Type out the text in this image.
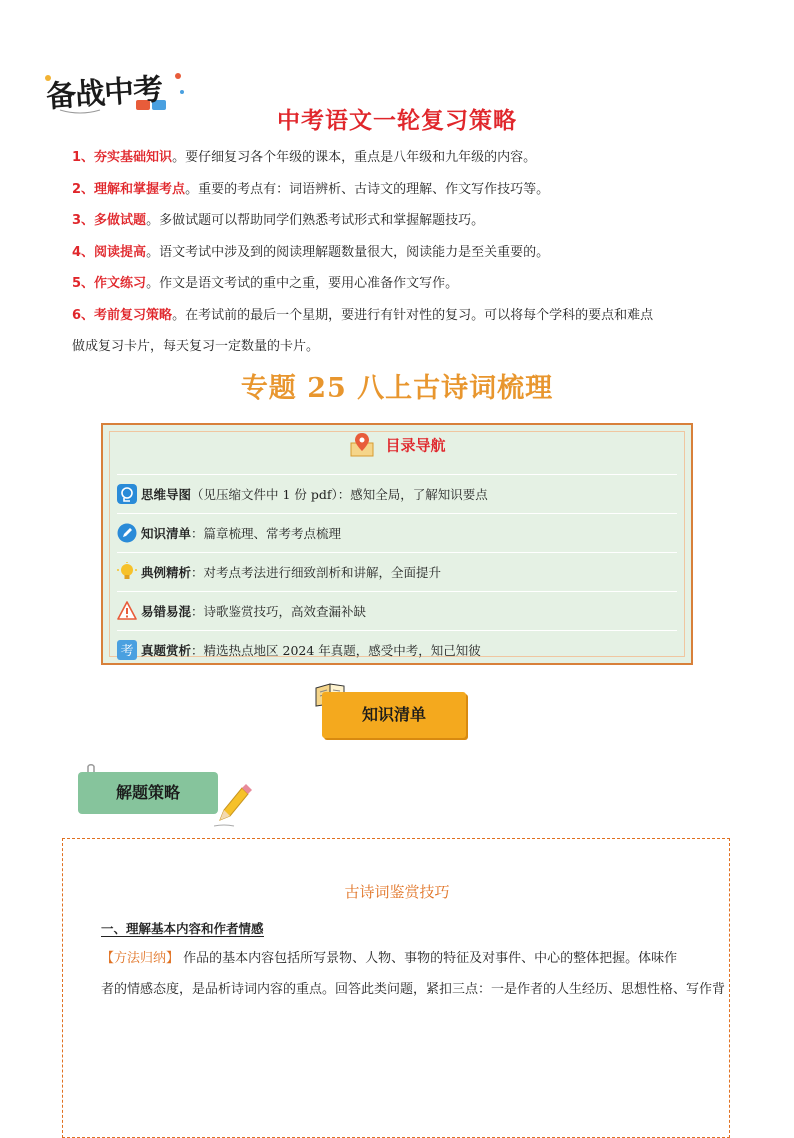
备战中考
中考语文一轮复习策略
1、夯实基础知识。要仔细复习各个年级的课本，重点是八年级和九年级的内容。
2、理解和掌握考点。重要的考点有：词语辨析、古诗文的理解、作文写作技巧等。
3、多做试题。多做试题可以帮助同学们熟悉考试形式和掌握解题技巧。
4、阅读提高。语文考试中涉及到的阅读理解题数量很大，阅读能力是至关重要的。
5、作文练习。作文是语文考试的重中之重，要用心准备作文写作。
6、考前复习策略。在考试前的最后一个星期，要进行有针对性的复习。可以将每个学科的要点和难点
做成复习卡片，每天复习一定数量的卡片。
专题 25 八上古诗词梳理
目录导航
思维导图 （见压缩文件中 1 份 pdf）：感知全局，了解知识要点
知识清单 ：篇章梳理、常考考点梳理
典例精析 ：对考点考法进行细致剖析和讲解，全面提升
易错易混 ：诗歌鉴赏技巧，高效查漏补缺
考 真题赏析 ：精选热点地区 2024 年真题，感受中考，知己知彼
知识清单
解题策略
古诗词鉴赏技巧
一、理解基本内容和作者情感
【方法归纳】 作品的基本内容包括所写景物、人物、事物的特征及对事件、中心的整体把握。体味作
者的情感态度，是品析诗词内容的重点。回答此类问题，紧扣三点：一是作者的人生经历、思想性格、写作背
